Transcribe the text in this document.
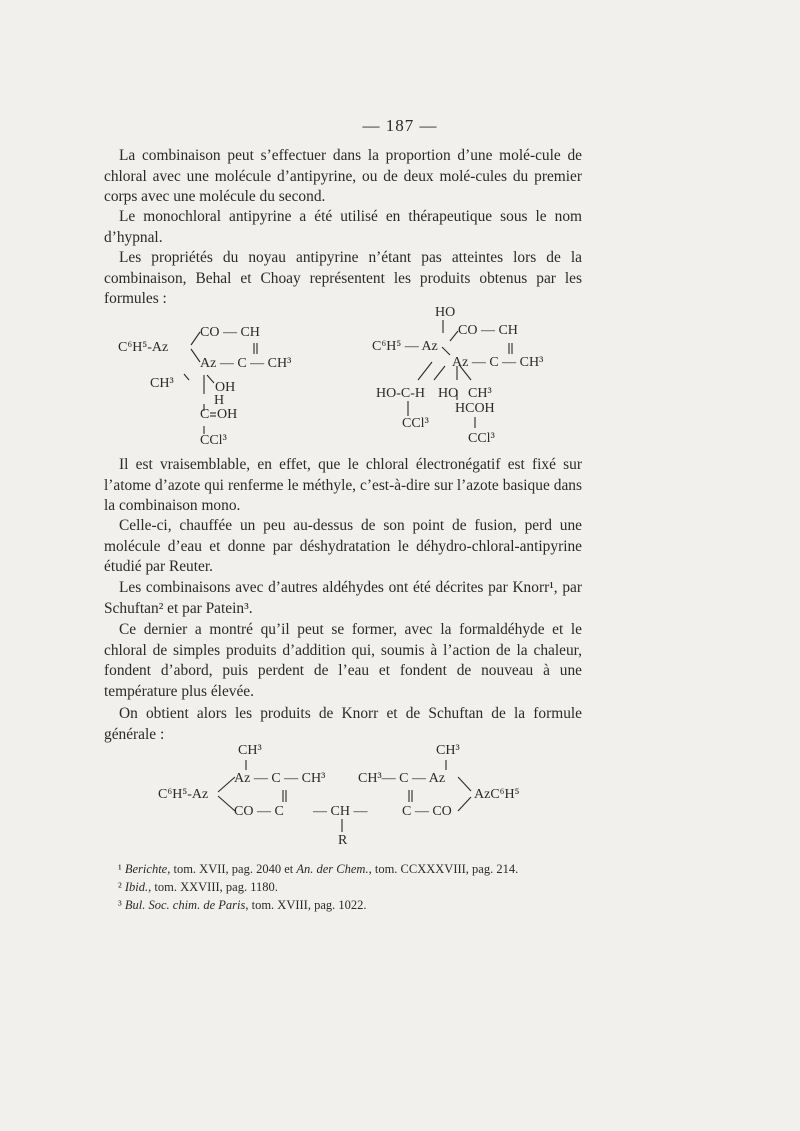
— 187 —

La combinaison peut s’effectuer dans la proportion d’une molé-cule de chloral avec une molécule d’antipyrine, ou de deux molé-cules du premier corps avec une molécule du second.

Le monochloral antipyrine a été utilisé en thérapeutique sous le nom d’hypnal.

Les propriétés du noyau antipyrine n’étant pas atteintes lors de la combinaison, Behal et Choay représentent les produits obtenus par les formules :

CO — CH
C⁶H⁵-Az
Az — C — CH³
CH³	OH
H
C OH
CCl³
HO
CO — CH
C⁶H⁵ — Az
Az — C — CH³
HO-C-H HO CH³
HCOH
CCl³
CCl³

Il est vraisemblable, en effet, que le chloral électronégatif est fixé sur l’atome d’azote qui renferme le méthyle, c’est-à-dire sur l’azote basique dans la combinaison mono.

Celle-ci, chauffée un peu au-dessus de son point de fusion, perd une molécule d’eau et donne par déshydratation le déhydro-chloral-antipyrine étudié par Reuter.

Les combinaisons avec d’autres aldéhydes ont été décrites par Knorr¹, par Schuftan² et par Patein³.

Ce dernier a montré qu’il peut se former, avec la formaldéhyde et le chloral de simples produits d’addition qui, soumis à l’action de la chaleur, fondent d’abord, puis perdent de l’eau et fondent de nouveau à une température plus élevée.

On obtient alors les produits de Knorr et de Schuftan de la formule générale :

CH³	CH³
Az — C — CH³ CH³— C — Az
C⁶H⁵-Az	AzC⁶H⁵
CO — C — CH — C — CO
R
¹ Berichte, tom. XVII, pag. 2040 et An. der Chem., tom. CCXXXVIII, pag. 214.
² Ibid., tom. XXVIII, pag. 1180.
³ Bul. Soc. chim. de Paris, tom. XVIII, pag. 1022.
